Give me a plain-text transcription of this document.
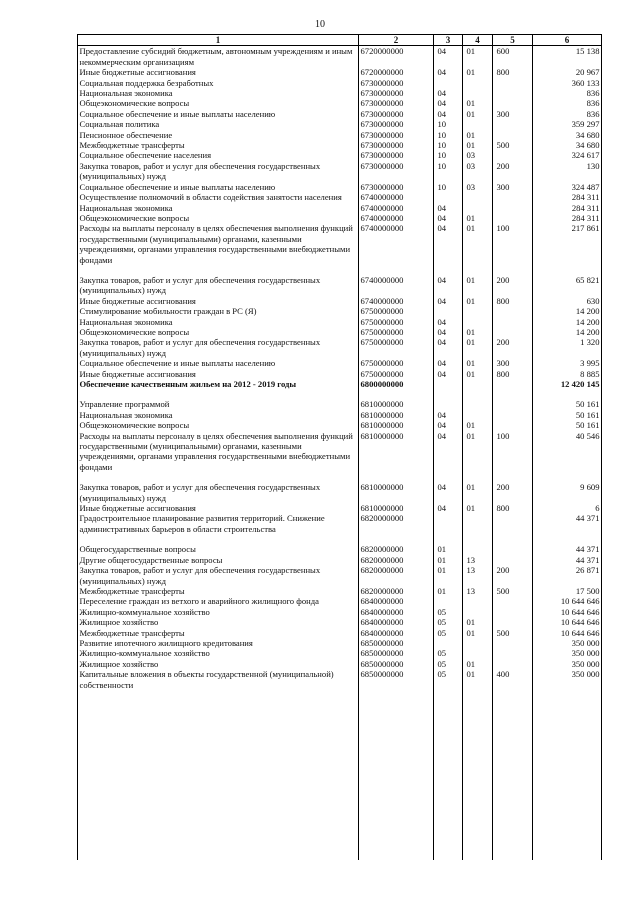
10
1	2	3	4	5	6
Предоставление субсидий бюджетным, автономным учреждениям и иным некоммерческим организациям	6720000000	04	01	600	15 138
Иные бюджетные ассигнования	6720000000	04	01	800	20 967
Социальная поддержка безработных	6730000000				360 133
Национальная экономика	6730000000	04			836
Общеэкономические вопросы	6730000000	04	01		836
Социальное обеспечение и иные выплаты населению	6730000000	04	01	300	836
Социальная политика	6730000000	10			359 297
Пенсионное обеспечение	6730000000	10	01		34 680
Межбюджетные трансферты	6730000000	10	01	500	34 680
Социальное обеспечение населения	6730000000	10	03		324 617
Закупка товаров, работ и услуг для обеспечения государственных (муниципальных) нужд	6730000000	10	03	200	130
Социальное обеспечение и иные выплаты населению	6730000000	10	03	300	324 487
Осуществление полномочий в области содействия занятости населения	6740000000				284 311
Национальная экономика	6740000000	04			284 311
Общеэкономические вопросы	6740000000	04	01		284 311
Расходы на выплаты персоналу в целях обеспечения выполнения функций государственными (муниципальными) органами, казенными учреждениями, органами управления государственными внебюджетными фондами	6740000000	04	01	100	217 861

Закупка товаров, работ и услуг для обеспечения государственных (муниципальных) нужд	6740000000	04	01	200	65 821
Иные бюджетные ассигнования	6740000000	04	01	800	630
Стимулирование мобильности граждан в РС (Я)	6750000000				14 200
Национальная экономика	6750000000	04			14 200
Общеэкономические вопросы	6750000000	04	01		14 200
Закупка товаров, работ и услуг для обеспечения государственных (муниципальных) нужд	6750000000	04	01	200	1 320
Социальное обеспечение и иные выплаты населению	6750000000	04	01	300	3 995
Иные бюджетные ассигнования	6750000000	04	01	800	8 885
Обеспечение качественным жильем на 2012 - 2019 годы	6800000000				12 420 145

Управление программой	6810000000				50 161
Национальная экономика	6810000000	04			50 161
Общеэкономические вопросы	6810000000	04	01		50 161
Расходы на выплаты персоналу в целях обеспечения выполнения функций государственными (муниципальными) органами, казенными учреждениями, органами управления государственными внебюджетными фондами	6810000000	04	01	100	40 546

Закупка товаров, работ и услуг для обеспечения государственных (муниципальных) нужд	6810000000	04	01	200	9 609
Иные бюджетные ассигнования	6810000000	04	01	800	6
Градостроительное планирование развития территорий. Снижение административных барьеров в области строительства	6820000000				44 371

Общегосударственные вопросы	6820000000	01			44 371
Другие общегосударственные вопросы	6820000000	01	13		44 371
Закупка товаров, работ и услуг для обеспечения государственных (муниципальных) нужд	6820000000	01	13	200	26 871
Межбюджетные трансферты	6820000000	01	13	500	17 500
Переселение граждан из ветхого и аварийного жилищного фонда	6840000000				10 644 646
Жилищно-коммунальное хозяйство	6840000000	05			10 644 646
Жилищное хозяйство	6840000000	05	01		10 644 646
Межбюджетные трансферты	6840000000	05	01	500	10 644 646
Развитие ипотечного жилищного кредитования	6850000000				350 000
Жилищно-коммунальное хозяйство	6850000000	05			350 000
Жилищное хозяйство	6850000000	05	01		350 000
Капитальные вложения в объекты государственной (муниципальной) собственности	6850000000	05	01	400	350 000
